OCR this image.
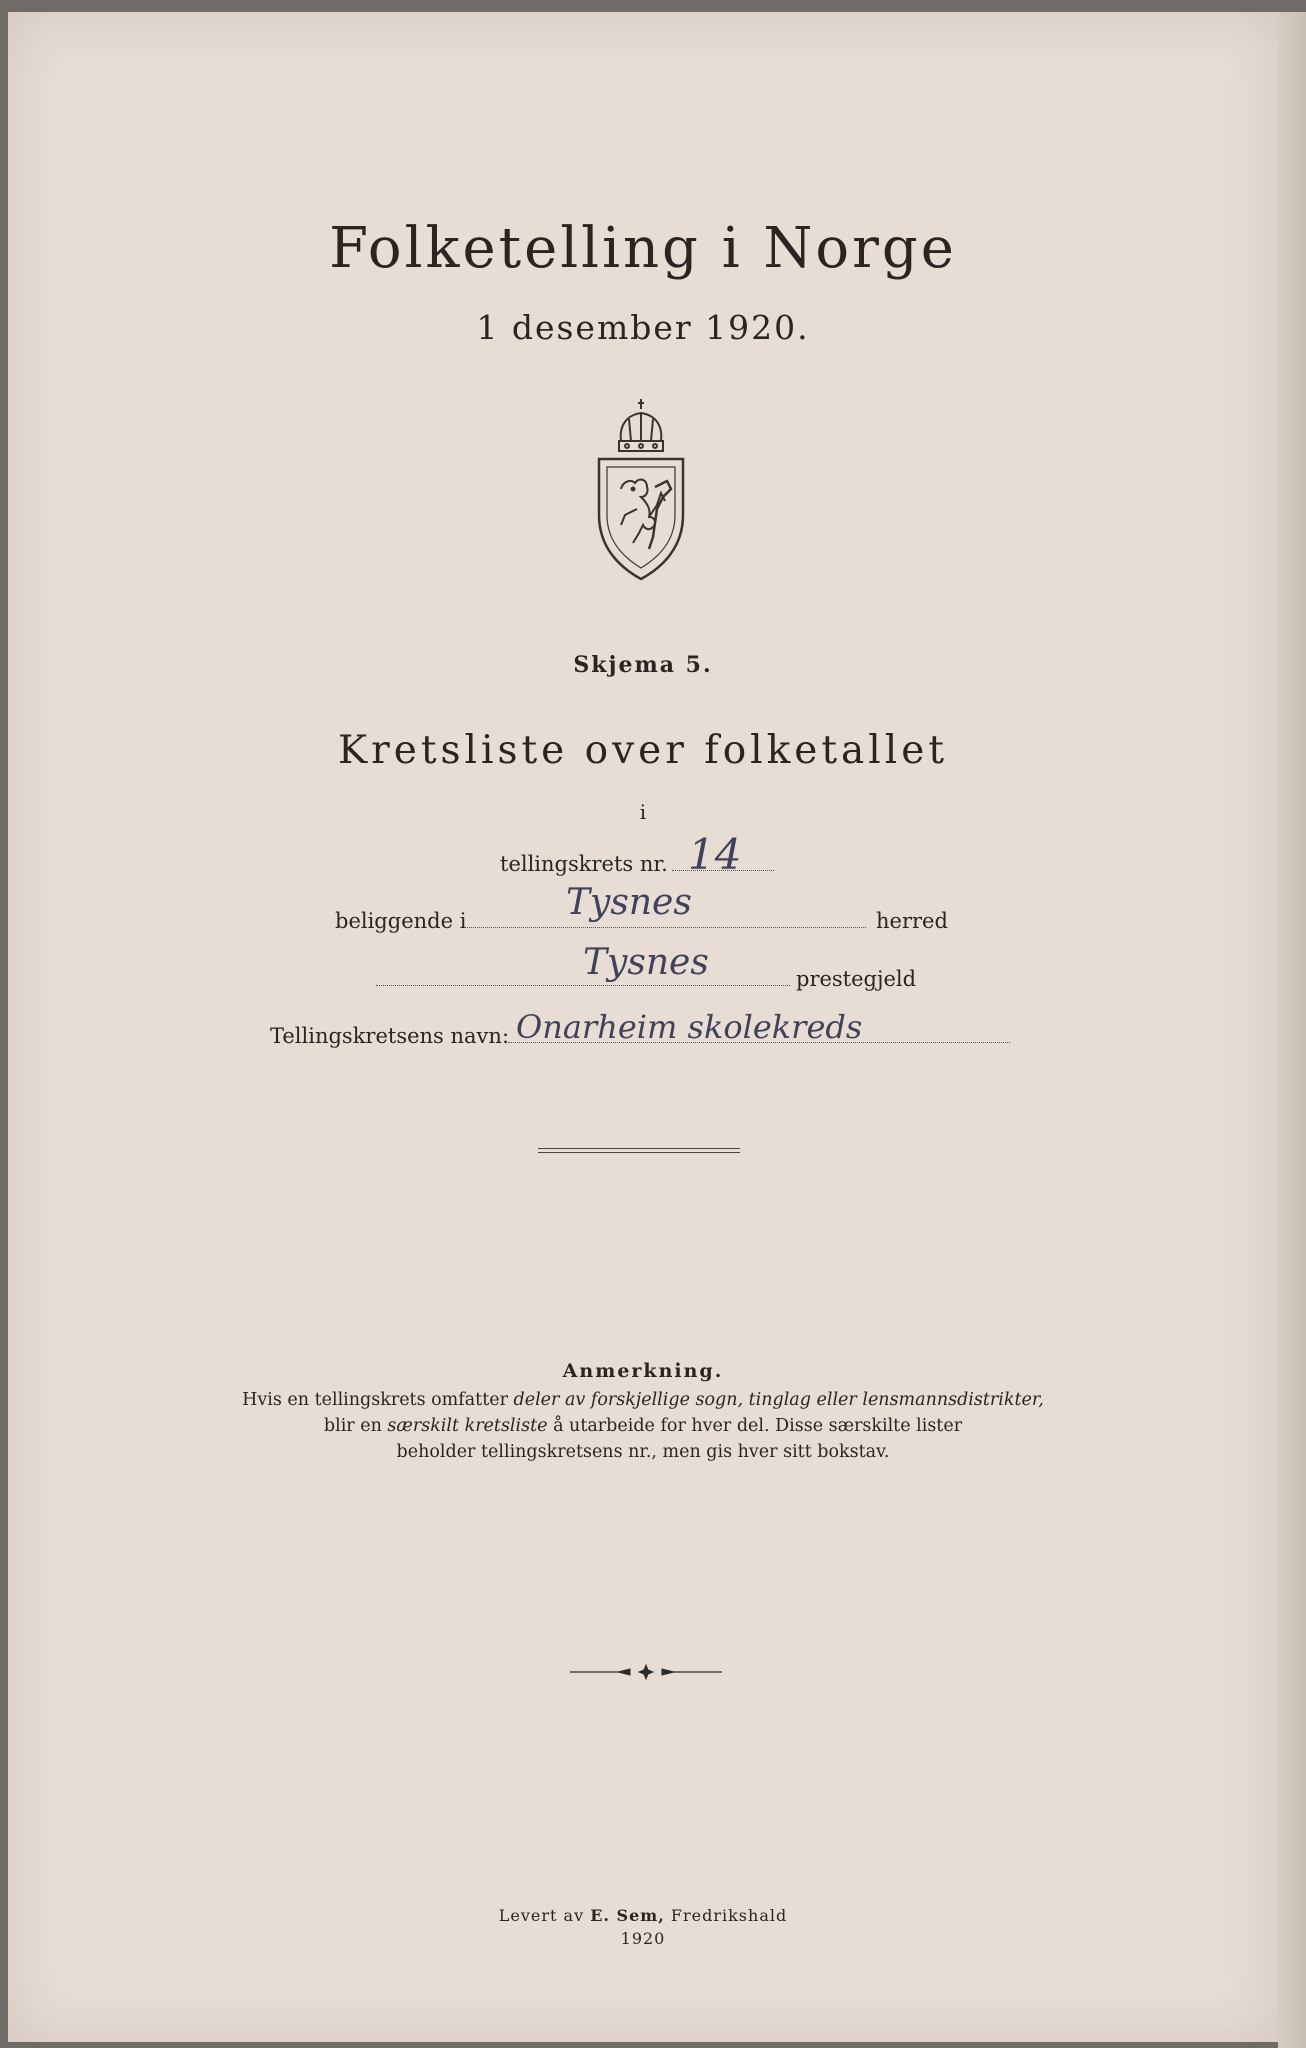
Folketelling i Norge
1 desember 1920.
Skjema 5.
Kretsliste over folketallet
i
tellingskrets nr. 14
beliggende i	Tysnes	herred
Tysnes	prestegjeld
Tellingskretsens navn: Onarheim skolekreds
Anmerkning.
Hvis en tellingskrets omfatter deler av forskjellige sogn, tinglag eller lensmannsdistrikter,
blir en særskilt kretsliste å utarbeide for hver del. Disse særskilte lister
beholder tellingskretsens nr., men gis hver sitt bokstav.
Levert av E. Sem, Fredrikshald
1920
